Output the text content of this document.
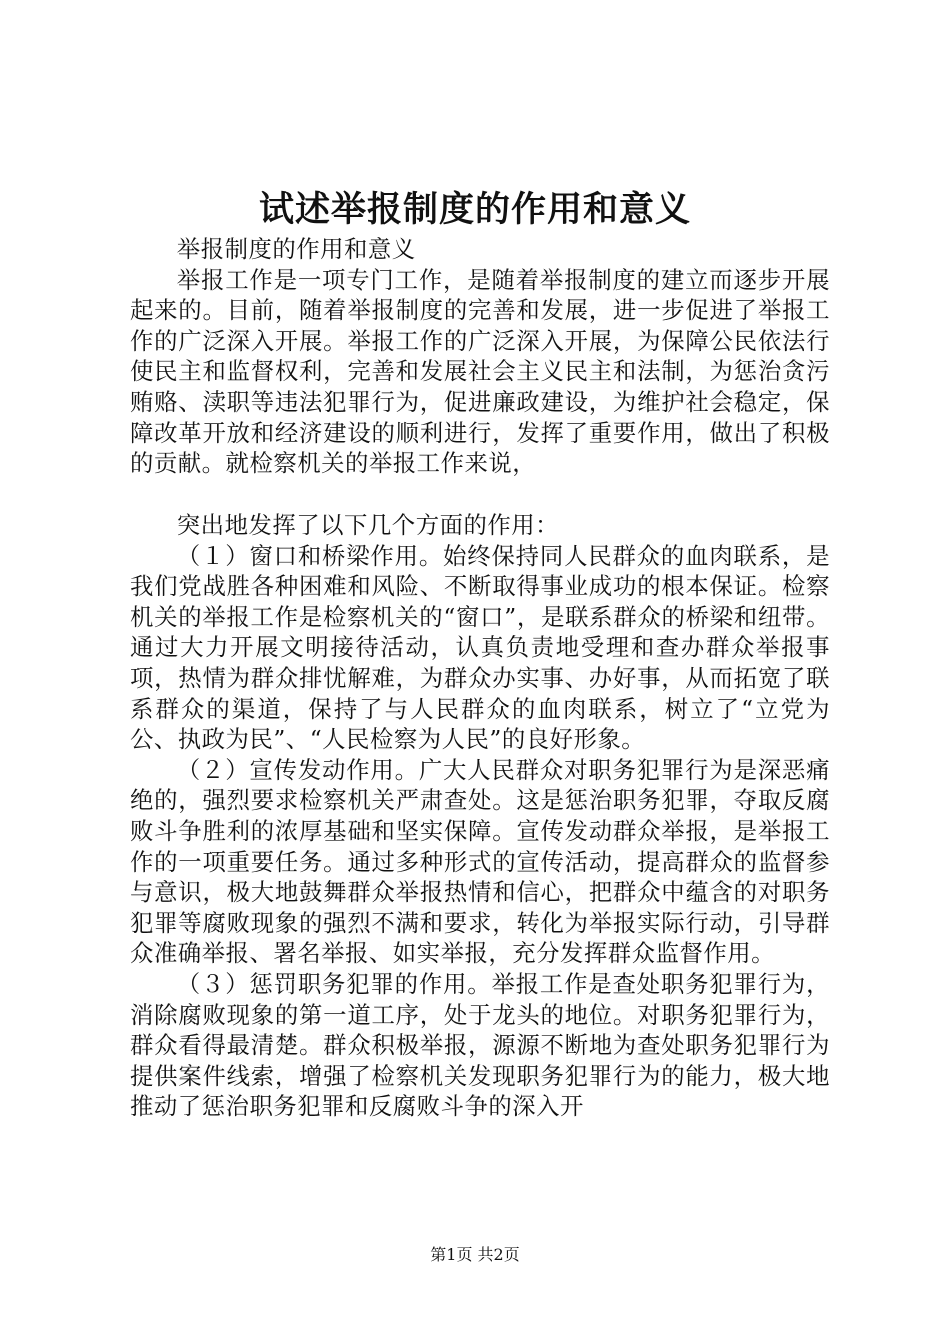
试述举报制度的作用和意义

举报制度的作用和意义

举报工作是一项专门工作，是随着举报制度的建立而逐步开展起来的。目前，随着举报制度的完善和发展，进一步促进了举报工作的广泛深入开展。举报工作的广泛深入开展，为保障公民依法行使民主和监督权利，完善和发展社会主义民主和法制，为惩治贪污贿赂、渎职等违法犯罪行为，促进廉政建设，为维护社会稳定，保障改革开放和经济建设的顺利进行，发挥了重要作用，做出了积极的贡献。就检察机关的举报工作来说，

突出地发挥了以下几个方面的作用：

（１）窗口和桥梁作用。始终保持同人民群众的血肉联系，是我们党战胜各种困难和风险、不断取得事业成功的根本保证。检察机关的举报工作是检察机关的“窗口”，是联系群众的桥梁和纽带。通过大力开展文明接待活动，认真负责地受理和查办群众举报事项，热情为群众排忧解难，为群众办实事、办好事，从而拓宽了联系群众的渠道，保持了与人民群众的血肉联系，树立了“立党为公、执政为民”、“人民检察为人民”的良好形象。

（２）宣传发动作用。广大人民群众对职务犯罪行为是深恶痛绝的，强烈要求检察机关严肃查处。这是惩治职务犯罪，夺取反腐败斗争胜利的浓厚基础和坚实保障。宣传发动群众举报，是举报工作的一项重要任务。通过多种形式的宣传活动，提高群众的监督参与意识，极大地鼓舞群众举报热情和信心，把群众中蕴含的对职务犯罪等腐败现象的强烈不满和要求，转化为举报实际行动，引导群众准确举报、署名举报、如实举报，充分发挥群众监督作用。

（３）惩罚职务犯罪的作用。举报工作是查处职务犯罪行为，消除腐败现象的第一道工序，处于龙头的地位。对职务犯罪行为，群众看得最清楚。群众积极举报，源源不断地为查处职务犯罪行为提供案件线索，增强了检察机关发现职务犯罪行为的能力，极大地推动了惩治职务犯罪和反腐败斗争的深入开

第1页 共2页
